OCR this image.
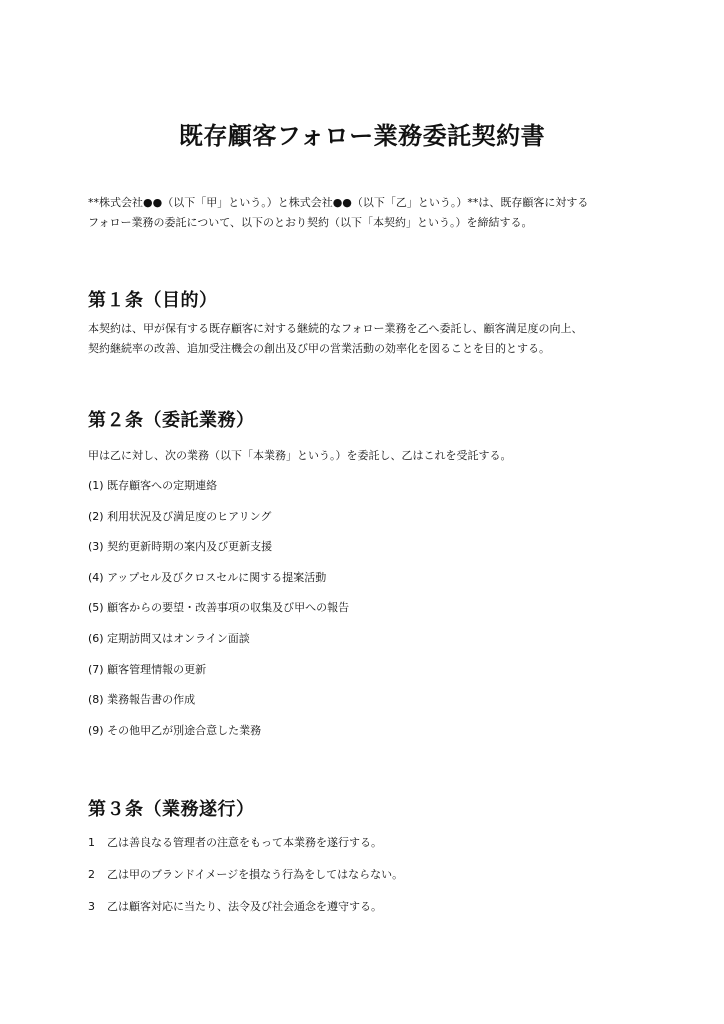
既存顧客フォロー業務委託契約書

**株式会社●●（以下「甲」という。）と株式会社●●（以下「乙」という。）**は、既存顧客に対する
フォロー業務の委託について、以下のとおり契約（以下「本契約」という。）を締結する。

第１条（目的）

本契約は、甲が保有する既存顧客に対する継続的なフォロー業務を乙へ委託し、顧客満足度の向上、
契約継続率の改善、追加受注機会の創出及び甲の営業活動の効率化を図ることを目的とする。

第２条（委託業務）

甲は乙に対し、次の業務（以下「本業務」という。）を委託し、乙はこれを受託する。

(1) 既存顧客への定期連絡
(2) 利用状況及び満足度のヒアリング
(3) 契約更新時期の案内及び更新支援
(4) アップセル及びクロスセルに関する提案活動
(5) 顧客からの要望・改善事項の収集及び甲への報告
(6) 定期訪問又はオンライン面談
(7) 顧客管理情報の更新
(8) 業務報告書の作成
(9) その他甲乙が別途合意した業務
第３条（業務遂行）
1 乙は善良なる管理者の注意をもって本業務を遂行する。
2 乙は甲のブランドイメージを損なう行為をしてはならない。
3 乙は顧客対応に当たり、法令及び社会通念を遵守する。
